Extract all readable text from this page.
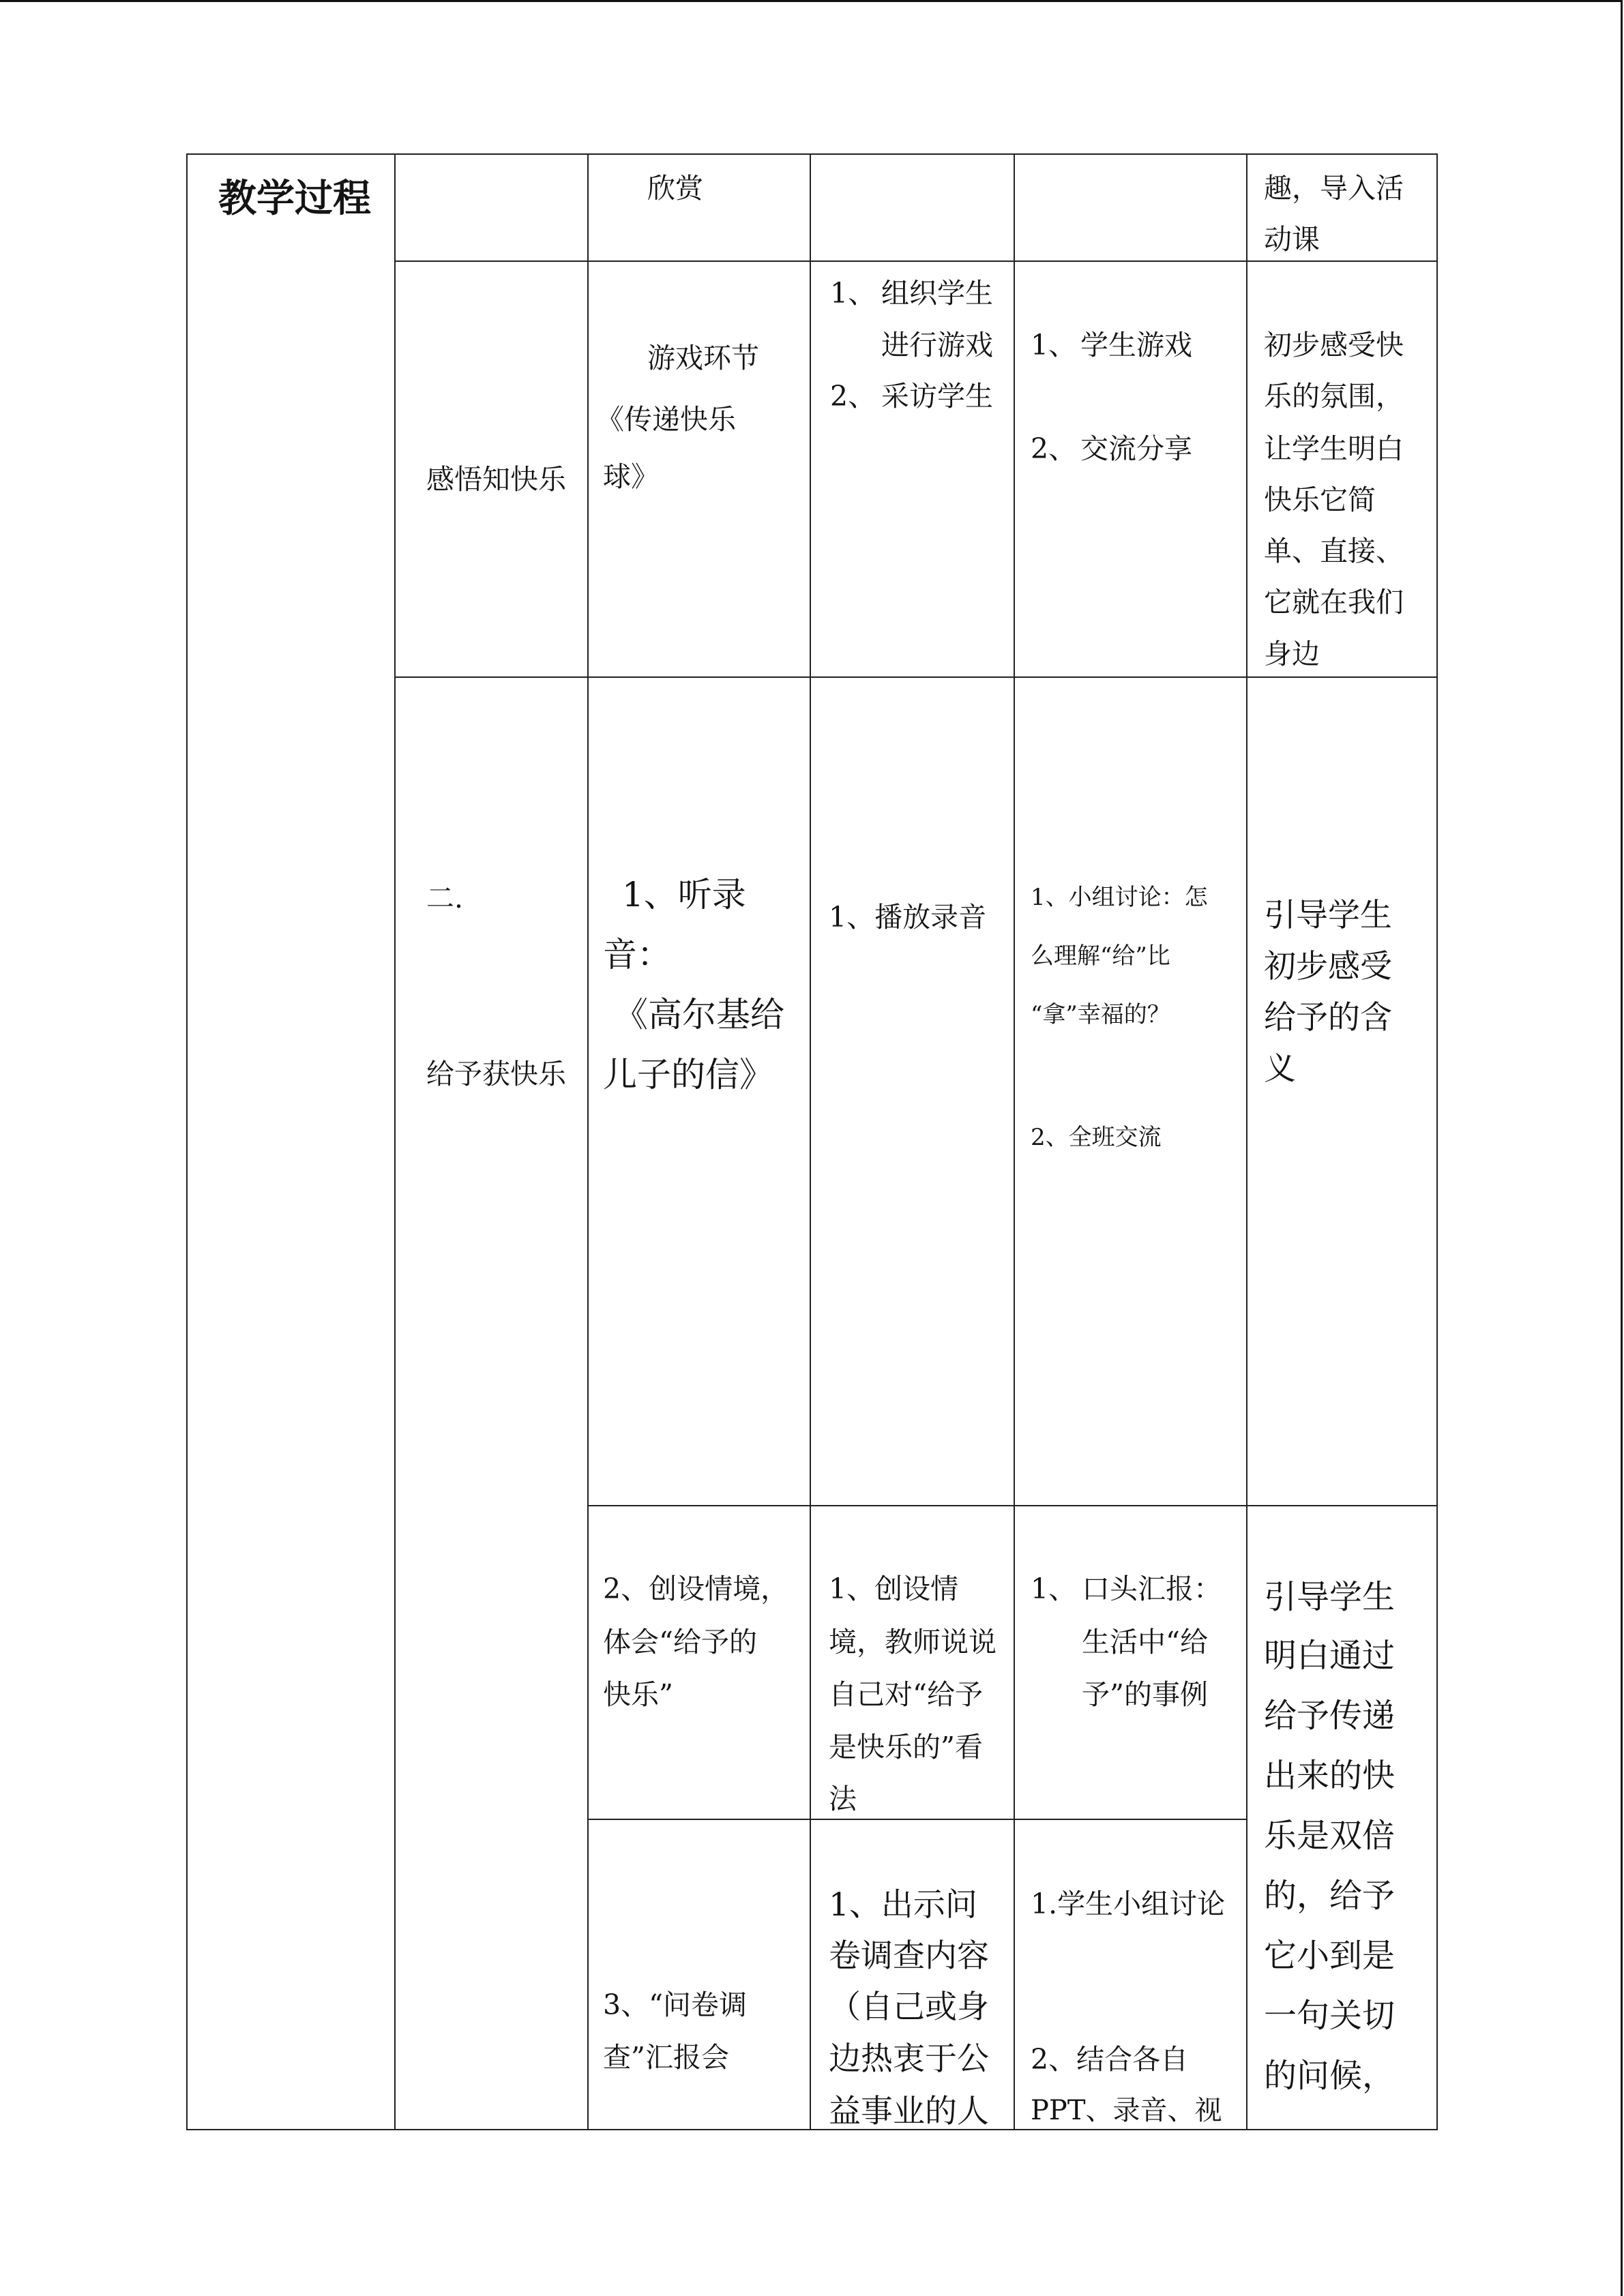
教学过程	欣赏	趣，导入活
动课
感悟知快乐
游戏环节
《传递快乐
球》
1、 组织学生
进行游戏
2、 采访学生
1、 学生游戏
2、 交流分享
初步感受快
乐的氛围，
让学生明白
快乐它简
单、直接、
它就在我们
身边
二.
给予获快乐
1、听录
音：
《高尔基给
儿子的信》
1、播放录音
1、小组讨论：怎
么理解“给”比
“拿”幸福的？
2、全班交流
引导学生
初步感受
给予的含
义
2、创设情境，
体会“给予的
快乐”
1、创设情
境，教师说说
自己对“给予
是快乐的”看
法
1、 口头汇报：
生活中“给
予”的事例
引导学生
明白通过
给予传递
出来的快
乐是双倍
的，给予
它小到是
一句关切
的问候，
3、“问卷调
查”汇报会
1、出示问
卷调查内容
（自己或身
边热衷于公
益事业的人
1.学生小组讨论
2、结合各自
PPT、录音、视
